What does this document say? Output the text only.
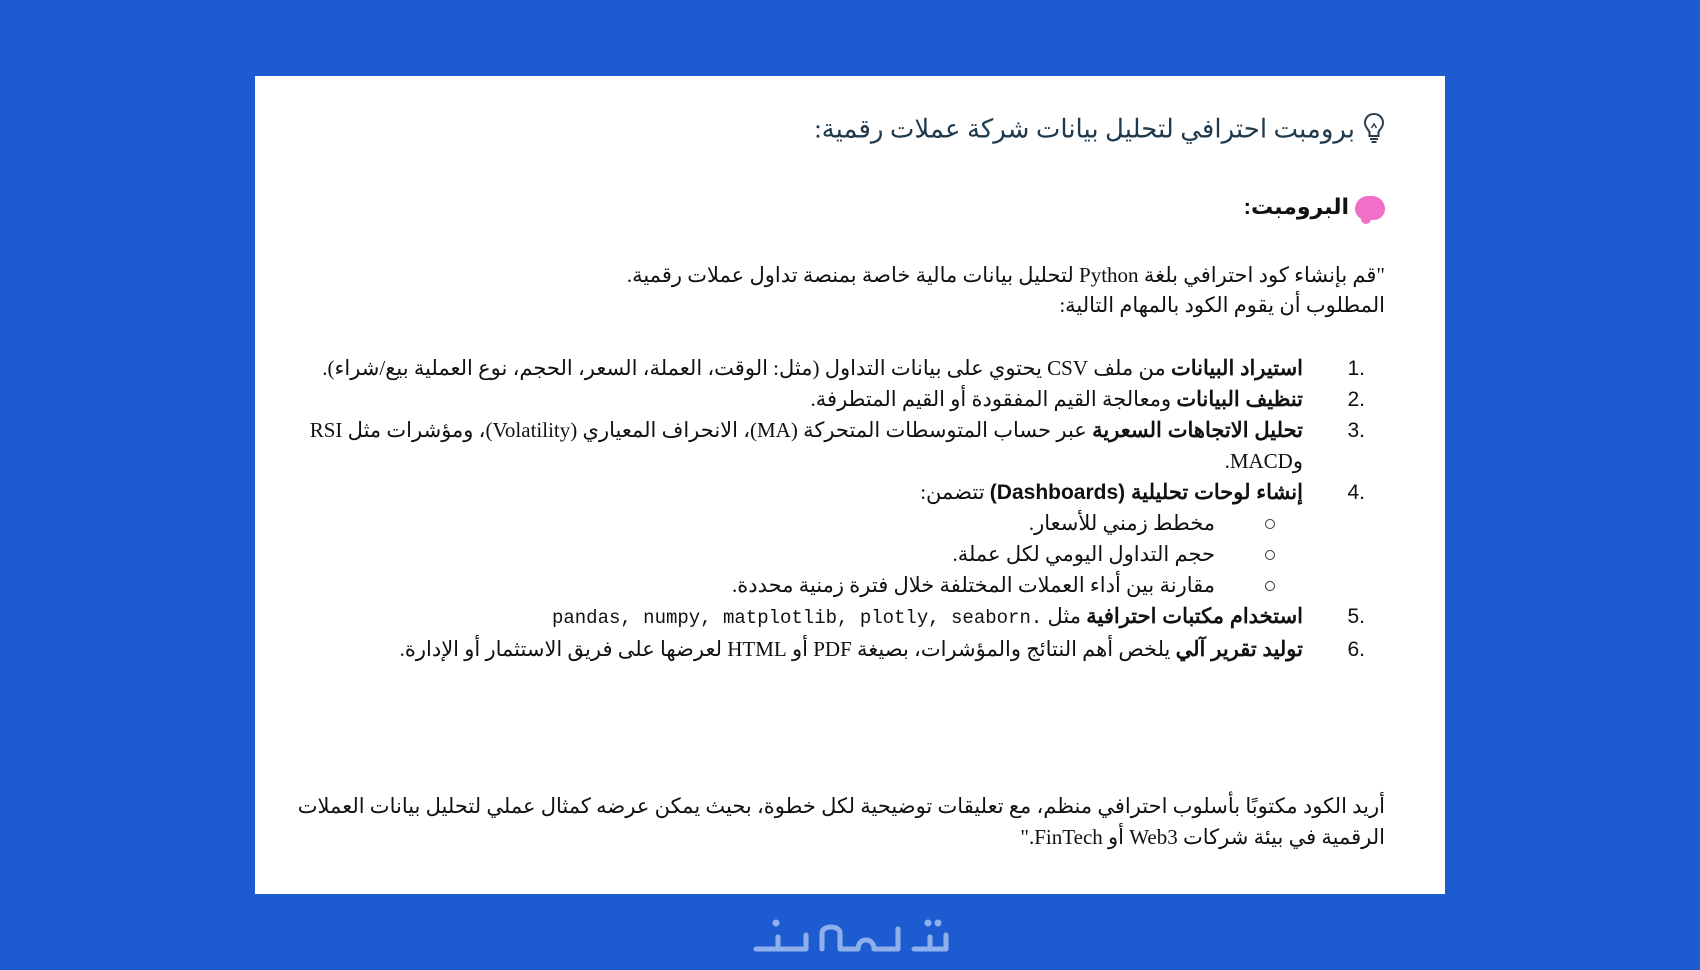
برومبت احترافي لتحليل بيانات شركة عملات رقمية:
البرومبت:
"قم بإنشاء كود احترافي بلغة Python لتحليل بيانات مالية خاصة بمنصة تداول عملات رقمية.
المطلوب أن يقوم الكود بالمهام التالية:
1.
استيراد البيانات من ملف CSV يحتوي على بيانات التداول (مثل: الوقت، العملة، السعر، الحجم، نوع العملية بيع/شراء).
2.
تنظيف البيانات ومعالجة القيم المفقودة أو القيم المتطرفة.
3.
تحليل الاتجاهات السعرية عبر حساب المتوسطات المتحركة (MA)، الانحراف المعياري (Volatility)، ومؤشرات مثل RSI وMACD.
4.
إنشاء لوحات تحليلية (Dashboards) تتضمن:
مخطط زمني للأسعار.
حجم التداول اليومي لكل عملة.
مقارنة بين أداء العملات المختلفة خلال فترة زمنية محددة.
5.
استخدام مكتبات احترافية مثل pandas, numpy, matplotlib, plotly, seaborn.
6.
توليد تقرير آلي يلخص أهم النتائج والمؤشرات، بصيغة PDF أو HTML لعرضها على فريق الاستثمار أو الإدارة.
أريد الكود مكتوبًا بأسلوب احترافي منظم، مع تعليقات توضيحية لكل خطوة، بحيث يمكن عرضه كمثال عملي لتحليل بيانات العملات الرقمية في بيئة شركات Web3 أو FinTech."
